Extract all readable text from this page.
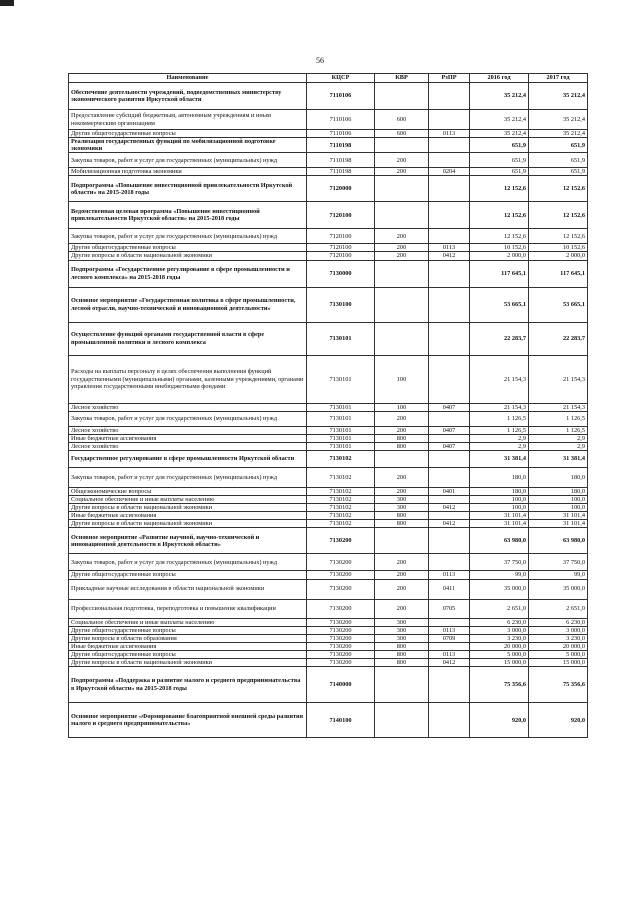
56
Наименование	КЦСР	КВР	РзПР	2016 год	2017 год
Обеспечение деятельности учреждений, подведомственных министерству экономического развития Иркутской области	7110106			35 212,4	35 212,4
Предоставление субсидий бюджетным, автономным учреждениям и иным некоммерческим организациям	7110106	600		35 212,4	35 212,4
Другие общегосударственные вопросы	7110106	600	0113	35 212,4	35 212,4
Реализация государственных функций по мобилизационной подготовке экономики	7110198			651,9	651,9
Закупка товаров, работ и услуг для государственных (муниципальных) нужд	7110198	200		651,9	651,9
Мобилизационная подготовка экономики	7110198	200	0204	651,9	651,9
Подпрограмма «Повышение инвестиционной привлекательности Иркутской области» на 2015-2018 годы	7120000			12 152,6	12 152,6
Ведомственная целевая программа «Повышение инвестиционной привлекательности Иркутской области» на 2015-2018 годы	7120100			12 152,6	12 152,6
Закупка товаров, работ и услуг для государственных (муниципальных) нужд	7120100	200		12 152,6	12 152,6
Другие общегосударственные вопросы	7120100	200	0113	10 152,6	10 152,6
Другие вопросы в области национальной экономики	7120100	200	0412	2 000,0	2 000,0
Подпрограмма «Государственное регулирование в сфере промышленности и лесного комплекса» на 2015-2018 годы	7130000			117 645,1	117 645,1
Основное мероприятие «Государственная политика в сфере промышленности, лесной отрасли, научно-технической и инновационной деятельности»	7130100			53 665,1	53 665,1
Осуществление функций органами государственной власти в сфере промышленной политики и лесного комплекса	7130101			22 283,7	22 283,7
Расходы на выплаты персоналу в целях обеспечения выполнения функций государственными (муниципальными) органами, казенными учреждениями, органами управления государственными внебюджетными фондами	7130101	100		21 154,3	21 154,3
Лесное хозяйство	7130101	100	0407	21 154,3	21 154,3
Закупка товаров, работ и услуг для государственных (муниципальных) нужд	7130101	200		1 126,5	1 126,5
Лесное хозяйство	7130101	200	0407	1 126,5	1 126,5
Иные бюджетные ассигнования	7130101	800		2,9	2,9
Лесное хозяйство	7130101	800	0407	2,9	2,9
Государственное регулирование в сфере промышленности Иркутской области	7130102			31 381,4	31 381,4
Закупка товаров, работ и услуг для государственных (муниципальных) нужд	7130102	200		180,0	180,0
Общеэкономические вопросы	7130102	200	0401	180,0	180,0
Социальное обеспечение и иные выплаты населению	7130102	300		100,0	100,0
Другие вопросы в области национальной экономики	7130102	300	0412	100,0	100,0
Иные бюджетные ассигнования	7130102	800		31 101,4	31 101,4
Другие вопросы в области национальной экономики	7130102	800	0412	31 101,4	31 101,4
Основное мероприятие «Развитие научной, научно-технической и инновационной деятельности в Иркутской области»	7130200			63 980,0	63 980,0
Закупка товаров, работ и услуг для государственных (муниципальных) нужд	7130200	200		37 750,0	37 750,0
Другие общегосударственные вопросы	7130200	200	0113	99,0	99,0
Прикладные научные исследования в области национальной экономики	7130200	200	0411	35 000,0	35 000,0
Профессиональная подготовка, переподготовка и повышение квалификации	7130200	200	0705	2 651,0	2 651,0
Социальное обеспечение и иные выплаты населению	7130200	300		6 230,0	6 230,0
Другие общегосударственные вопросы	7130200	300	0113	3 000,0	3 000,0
Другие вопросы в области образования	7130200	300	0709	3 230,0	3 230,0
Иные бюджетные ассигнования	7130200	800		20 000,0	20 000,0
Другие общегосударственные вопросы	7130200	800	0113	5 000,0	5 000,0
Другие вопросы в области национальной экономики	7130200	800	0412	15 000,0	15 000,0
Подпрограмма «Поддержка и развитие малого и среднего предпринимательства в Иркутской области» на 2015-2018 годы	7140000			75 356,6	75 356,6
Основное мероприятие «Формирование благоприятной внешней среды развития малого и среднего предпринимательства»	7140100			920,0	920,0
